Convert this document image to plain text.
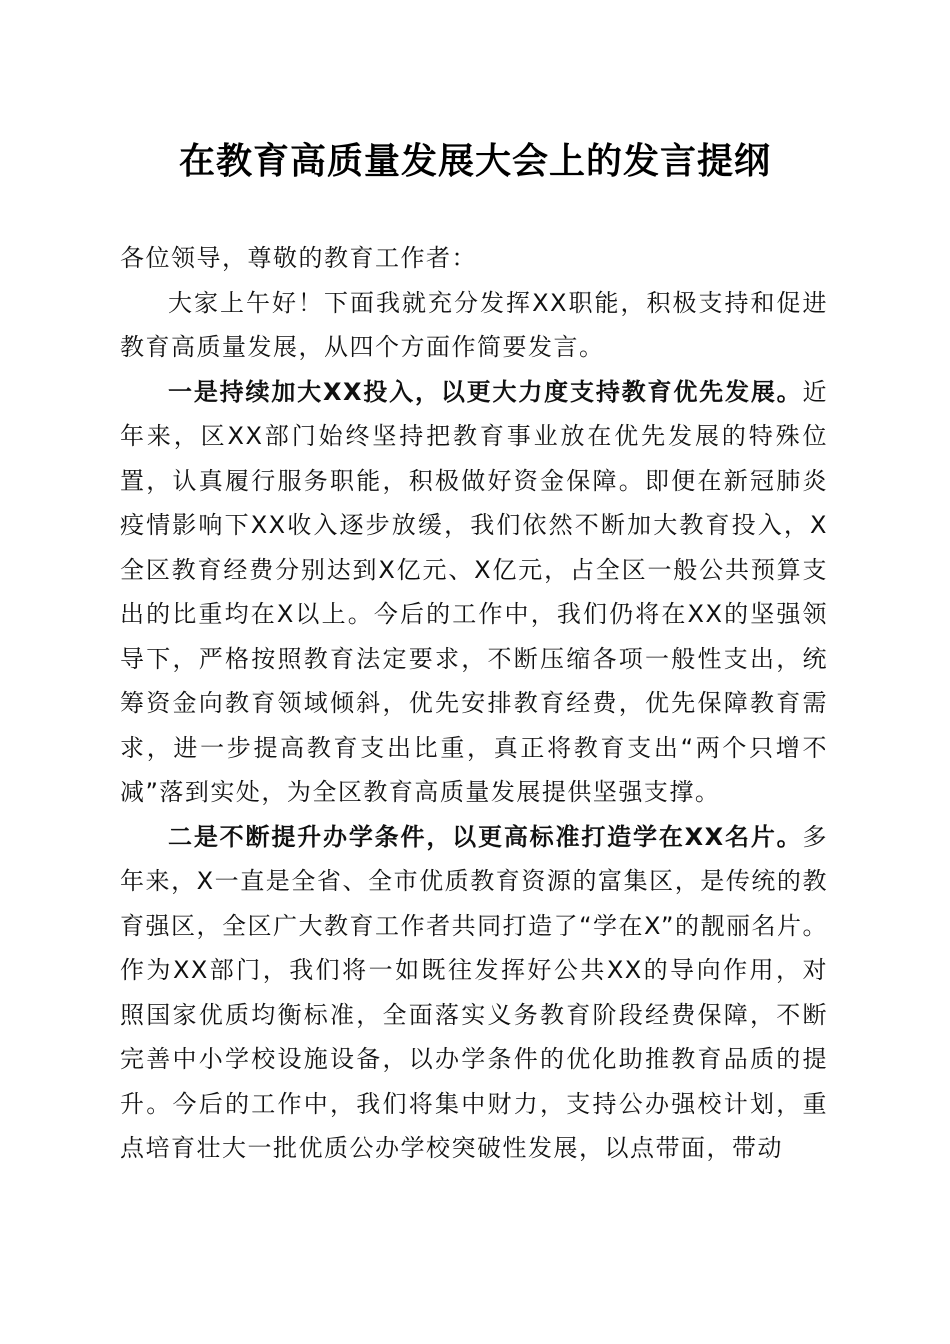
在教育高质量发展大会上的发言提纲

各位领导，尊敬的教育工作者：

大家上午好！下面我就充分发挥XX职能，积极支持和促进教育高质量发展，从四个方面作简要发言。

一是持续加大XX投入，以更大力度支持教育优先发展。近年来，区XX部门始终坚持把教育事业放在优先发展的特殊位置，认真履行服务职能，积极做好资金保障。即便在新冠肺炎疫情影响下XX收入逐步放缓，我们依然不断加大教育投入，X全区教育经费分别达到X亿元、X亿元，占全区一般公共预算支出的比重均在X以上。今后的工作中，我们仍将在XX的坚强领导下，严格按照教育法定要求，不断压缩各项一般性支出，统筹资金向教育领域倾斜，优先安排教育经费，优先保障教育需求，进一步提高教育支出比重，真正将教育支出“两个只增不减”落到实处，为全区教育高质量发展提供坚强支撑。

二是不断提升办学条件，以更高标准打造学在XX名片。多年来，X一直是全省、全市优质教育资源的富集区，是传统的教育强区，全区广大教育工作者共同打造了“学在X”的靓丽名片。作为XX部门，我们将一如既往发挥好公共XX的导向作用，对照国家优质均衡标准，全面落实义务教育阶段经费保障，不断完善中小学校设施设备，以办学条件的优化助推教育品质的提升。今后的工作中，我们将集中财力，支持公办强校计划，重点培育壮大一批优质公办学校突破性发展，以点带面，带动
